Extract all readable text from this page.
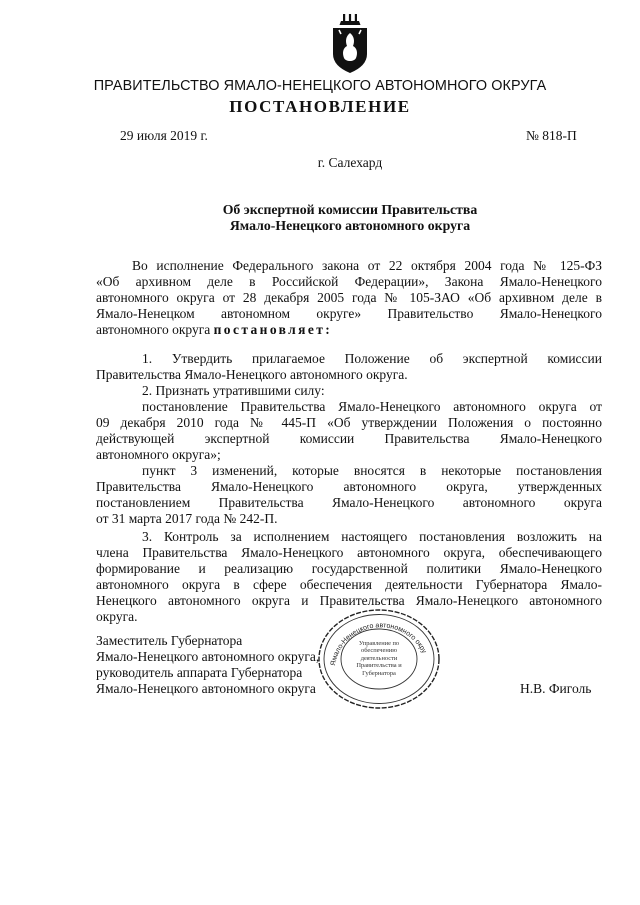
ПРАВИТЕЛЬСТВО ЯМАЛО-НЕНЕЦКОГО АВТОНОМНОГО ОКРУГА
ПОСТАНОВЛЕНИЕ
29 июля 2019 г.	№ 818-П
г. Салехард
Об экспертной комиссии Правительства
Ямало-Ненецкого автономного округа
Во исполнение Федерального закона от 22 октября 2004 года № 125-ФЗ
«Об архивном деле в Российской Федерации», Закона Ямало-Ненецкого
автономного округа от 28 декабря 2005 года № 105-ЗАО «Об архивном деле в
Ямало-Ненецком автономном округе» Правительство Ямало-Ненецкого
автономного округа постановляет:
1. Утвердить прилагаемое Положение об экспертной комиссии
Правительства Ямало-Ненецкого автономного округа.
2. Признать утратившими силу:
постановление Правительства Ямало-Ненецкого автономного округа от
09 декабря 2010 года № 445-П «Об утверждении Положения о постоянно
действующей экспертной комиссии Правительства Ямало-Ненецкого
автономного округа»;
пункт 3 изменений, которые вносятся в некоторые постановления
Правительства Ямало-Ненецкого автономного округа, утвержденных
постановлением Правительства Ямало-Ненецкого автономного округа
от 31 марта 2017 года № 242-П.
3. Контроль за исполнением настоящего постановления возложить на
члена Правительства Ямало-Ненецкого автономного округа, обеспечивающего
формирование и реализацию государственной политики Ямало-Ненецкого
автономного округа в сфере обеспечения деятельности Губернатора Ямало-
Ненецкого автономного округа и Правительства Ямало-Ненецкого автономного
округа.
Заместитель Губернатора
Ямало-Ненецкого автономного округа,
руководитель аппарата Губернатора
Ямало-Ненецкого автономного округа	Н.В. Фиголь
Ямало-Ненецкого автономного окру
Управление по обеспечению деятельности Правительства и Губернатора
